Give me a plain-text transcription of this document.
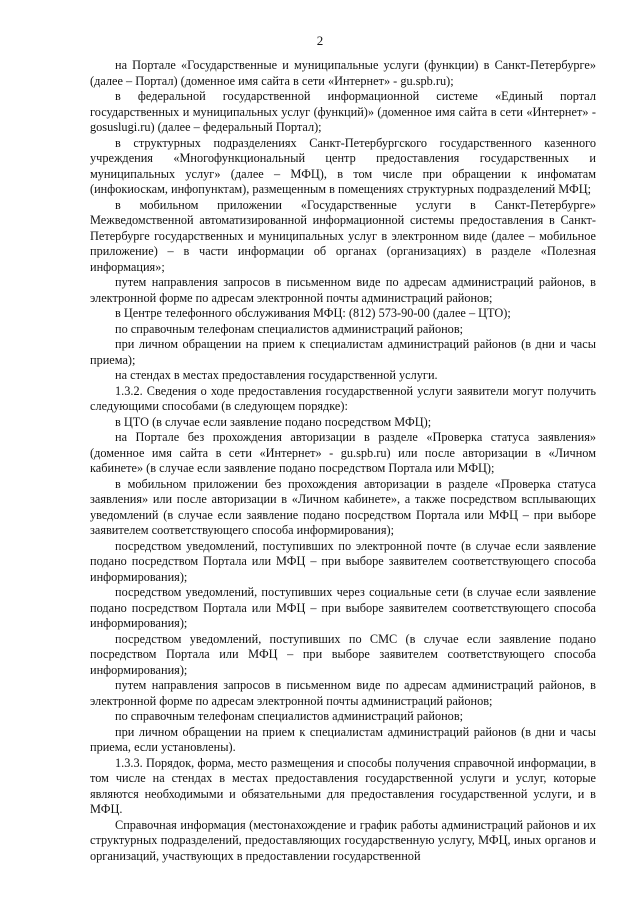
2

на Портале «Государственные и муниципальные услуги (функции) в Санкт-Петербурге» (далее – Портал) (доменное имя сайта в сети «Интернет» - gu.spb.ru);

в федеральной государственной информационной системе «Единый портал государственных и муниципальных услуг (функций)» (доменное имя сайта в сети «Интернет» - gosuslugi.ru) (далее – федеральный Портал);

в структурных подразделениях Санкт-Петербургского государственного казенного учреждения «Многофункциональный центр предоставления государственных и муниципальных услуг» (далее – МФЦ), в том числе при обращении к инфоматам (инфокиоскам, инфопунктам), размещенным в помещениях структурных подразделений МФЦ;

в мобильном приложении «Государственные услуги в Санкт-Петербурге» Межведомственной автоматизированной информационной системы предоставления в Санкт-Петербурге государственных и муниципальных услуг в электронном виде (далее – мобильное приложение) – в части информации об органах (организациях) в разделе «Полезная информация»;

путем направления запросов в письменном виде по адресам администраций районов, в электронной форме по адресам электронной почты администраций районов;

в Центре телефонного обслуживания МФЦ: (812) 573-90-00 (далее – ЦТО);

по справочным телефонам специалистов администраций районов;

при личном обращении на прием к специалистам администраций районов (в дни и часы приема);

на стендах в местах предоставления государственной услуги.

1.3.2. Сведения о ходе предоставления государственной услуги заявители могут получить следующими способами (в следующем порядке):

в ЦТО (в случае если заявление подано посредством МФЦ);

на Портале без прохождения авторизации в разделе «Проверка статуса заявления» (доменное имя сайта в сети «Интернет» - gu.spb.ru) или после авторизации в «Личном кабинете» (в случае если заявление подано посредством Портала или МФЦ);

в мобильном приложении без прохождения авторизации в разделе «Проверка статуса заявления» или после авторизации в «Личном кабинете», а также посредством всплывающих уведомлений (в случае если заявление подано посредством Портала или МФЦ – при выборе заявителем соответствующего способа информирования);

посредством уведомлений, поступивших по электронной почте (в случае если заявление подано посредством Портала или МФЦ – при выборе заявителем соответствующего способа информирования);

посредством уведомлений, поступивших через социальные сети (в случае если заявление подано посредством Портала или МФЦ – при выборе заявителем соответствующего способа информирования);

посредством уведомлений, поступивших по СМС (в случае если заявление подано посредством Портала или МФЦ – при выборе заявителем соответствующего способа информирования);

путем направления запросов в письменном виде по адресам администраций районов, в электронной форме по адресам электронной почты администраций районов;

по справочным телефонам специалистов администраций районов;

при личном обращении на прием к специалистам администраций районов (в дни и часы приема, если установлены).

1.3.3. Порядок, форма, место размещения и способы получения справочной информации, в том числе на стендах в местах предоставления государственной услуги и услуг, которые являются необходимыми и обязательными для предоставления государственной услуги, и в МФЦ.

Справочная информация (местонахождение и график работы администраций районов и их структурных подразделений, предоставляющих государственную услугу, МФЦ, иных органов и организаций, участвующих в предоставлении государственной
